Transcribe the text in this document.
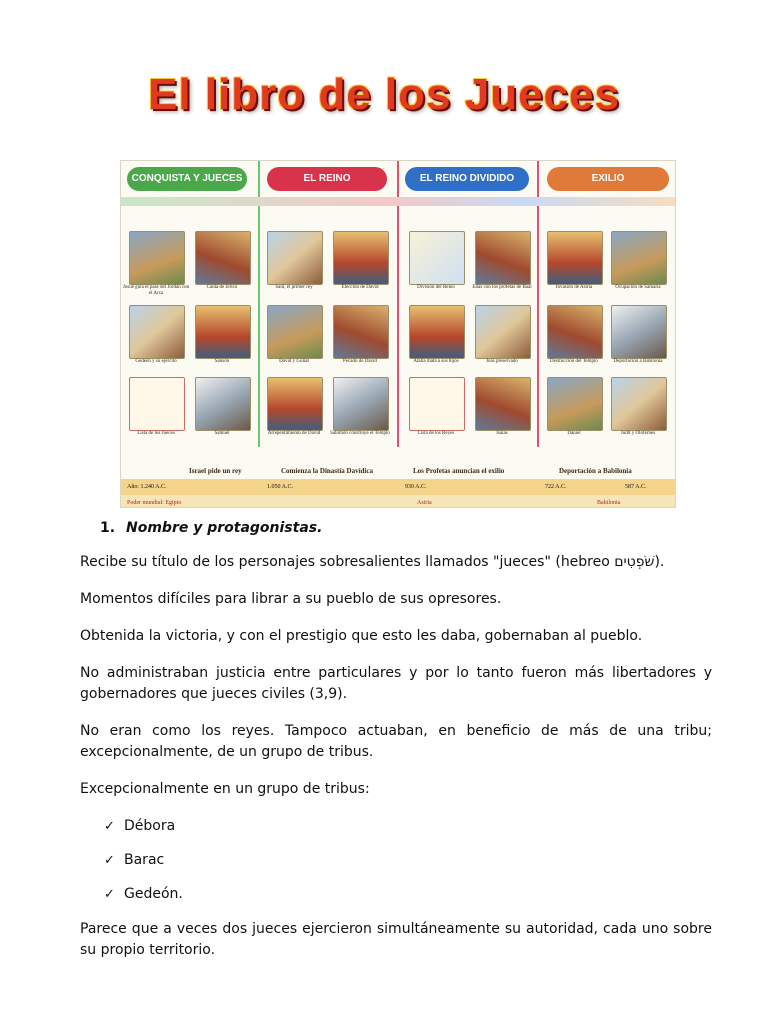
El libro de los Jueces
CONQUISTA Y JUECES	EL REINO	EL REINO DIVIDIDO	EXILIO
Josué guía el pase del Jordán con el Arca
Caída de Jericó	Saúl, el primer rey	Elección de David	División del Reino	Elías con los profetas de Baal	Invasión de Asiria	Ocupación de Samaria
Gedeón y su ejército	Sansón	David y Goliat	Pecado de David	Atalía mata a sus hijos	Joás preservado	Destrucción del Templo	Deportación a Babilonia
Lista de los Jueces	Samuel	Arrepentimiento de David	Salomón construye el Templo	Lista de los Reyes	Isaías	Daniel	Judit y Olofernes
Israel pide un rey	Comienza la Dinastía Davídica	Los Profetas anuncian el exilio	Deportación a Babilonia
Año: 1.240 A.C.	1.050 A.C.	930 A.C.	722 A.C.	587 A.C.
Poder mundial: Egipto	Asiria	Babilonia
1. Nombre y protagonistas.

Recibe su título de los personajes sobresalientes llamados "jueces" (hebreo שֹׁפְטִים).

Momentos difíciles para librar a su pueblo de sus opresores.

Obtenida la victoria, y con el prestigio que esto les daba, gobernaban al pueblo.

No administraban justicia entre particulares y por lo tanto fueron más libertadores y gobernadores que jueces civiles (3,9).

No eran como los reyes. Tampoco actuaban, en beneficio de más de una tribu; excepcionalmente, de un grupo de tribus.

Excepcionalmente en un grupo de tribus:

✓ Débora
✓ Barac
✓ Gedeón.

Parece que a veces dos jueces ejercieron simultáneamente su autoridad, cada uno sobre su propio territorio.
